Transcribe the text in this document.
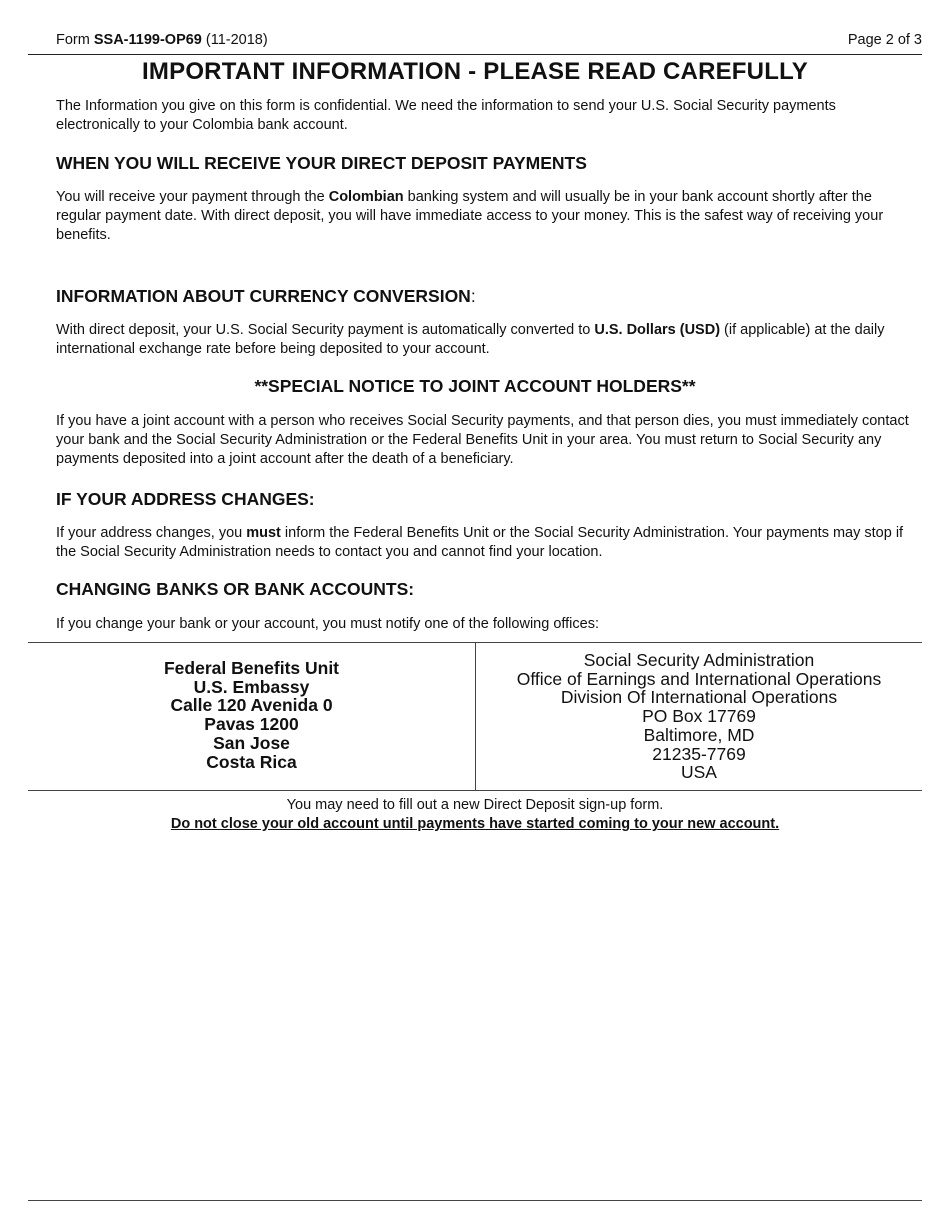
Form SSA-1199-OP69 (11-2018)	Page 2 of 3
IMPORTANT INFORMATION - PLEASE READ CAREFULLY
The Information you give on this form is confidential. We need the information to send your U.S. Social Security payments electronically to your Colombia bank account.
WHEN YOU WILL RECEIVE YOUR DIRECT DEPOSIT PAYMENTS
You will receive your payment through the Colombian banking system and will usually be in your bank account shortly after the regular payment date. With direct deposit, you will have immediate access to your money. This is the safest way of receiving your benefits.
INFORMATION ABOUT CURRENCY CONVERSION:
With direct deposit, your U.S. Social Security payment is automatically converted to U.S. Dollars (USD) (if applicable) at the daily international exchange rate before being deposited to your account.
**SPECIAL NOTICE TO JOINT ACCOUNT HOLDERS**
If you have a joint account with a person who receives Social Security payments, and that person dies, you must immediately contact your bank and the Social Security Administration or the Federal Benefits Unit in your area. You must return to Social Security any payments deposited into a joint account after the death of a beneficiary.
IF YOUR ADDRESS CHANGES:
If your address changes, you must inform the Federal Benefits Unit or the Social Security Administration. Your payments may stop if the Social Security Administration needs to contact you and cannot find your location.
CHANGING BANKS OR BANK ACCOUNTS:
If you change your bank or your account, you must notify one of the following offices:
Federal Benefits Unit
U.S. Embassy
Calle 120 Avenida 0
Pavas 1200
San Jose
Costa Rica
Social Security Administration
Office of Earnings and International Operations
Division Of International Operations
PO Box 17769
Baltimore, MD
21235-7769
USA
You may need to fill out a new Direct Deposit sign-up form.
Do not close your old account until payments have started coming to your new account.
